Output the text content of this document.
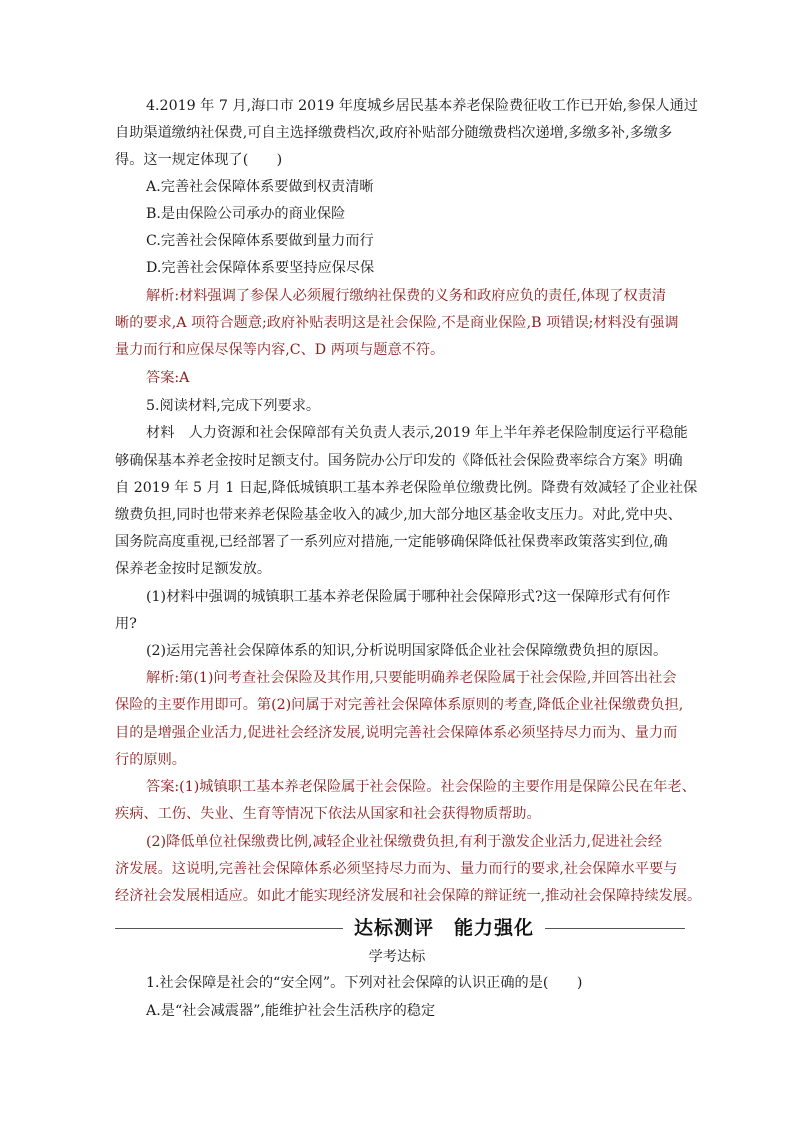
4.2019 年 7 月,海口市 2019 年度城乡居民基本养老保险费征收工作已开始,参保人通过
自助渠道缴纳社保费,可自主选择缴费档次,政府补贴部分随缴费档次递增,多缴多补,多缴多
得。这一规定体现了(　　)
A.完善社会保障体系要做到权责清晰
B.是由保险公司承办的商业保险
C.完善社会保障体系要做到量力而行
D.完善社会保障体系要坚持应保尽保
解析:材料强调了参保人必须履行缴纳社保费的义务和政府应负的责任,体现了权责清
晰的要求,A 项符合题意;政府补贴表明这是社会保险,不是商业保险,B 项错误;材料没有强调
量力而行和应保尽保等内容,C、D 两项与题意不符。
答案:A
5.阅读材料,完成下列要求。
材料　人力资源和社会保障部有关负责人表示,2019 年上半年养老保险制度运行平稳能
够确保基本养老金按时足额支付。国务院办公厅印发的《降低社会保险费率综合方案》明确
自 2019 年 5 月 1 日起,降低城镇职工基本养老保险单位缴费比例。降费有效减轻了企业社保
缴费负担,同时也带来养老保险基金收入的减少,加大部分地区基金收支压力。对此,党中央、
国务院高度重视,已经部署了一系列应对措施,一定能够确保降低社保费率政策落实到位,确
保养老金按时足额发放。
(1)材料中强调的城镇职工基本养老保险属于哪种社会保障形式?这一保障形式有何作
用?
(2)运用完善社会保障体系的知识,分析说明国家降低企业社会保障缴费负担的原因。
解析:第(1)问考查社会保险及其作用,只要能明确养老保险属于社会保险,并回答出社会
保险的主要作用即可。第(2)问属于对完善社会保障体系原则的考查,降低企业社保缴费负担,
目的是增强企业活力,促进社会经济发展,说明完善社会保障体系必须坚持尽力而为、量力而
行的原则。
答案:(1)城镇职工基本养老保险属于社会保险。社会保险的主要作用是保障公民在年老、
疾病、工伤、失业、生育等情况下依法从国家和社会获得物质帮助。
(2)降低单位社保缴费比例,减轻企业社保缴费负担,有利于激发企业活力,促进社会经
济发展。这说明,完善社会保障体系必须坚持尽力而为、量力而行的要求,社会保障水平要与
经济社会发展相适应。如此才能实现经济发展和社会保障的辩证统一,推动社会保障持续发展。
达标测评　能力强化
学考达标
1.社会保障是社会的“安全网”。下列对社会保障的认识正确的是(　　)
A.是“社会减震器”,能维护社会生活秩序的稳定
